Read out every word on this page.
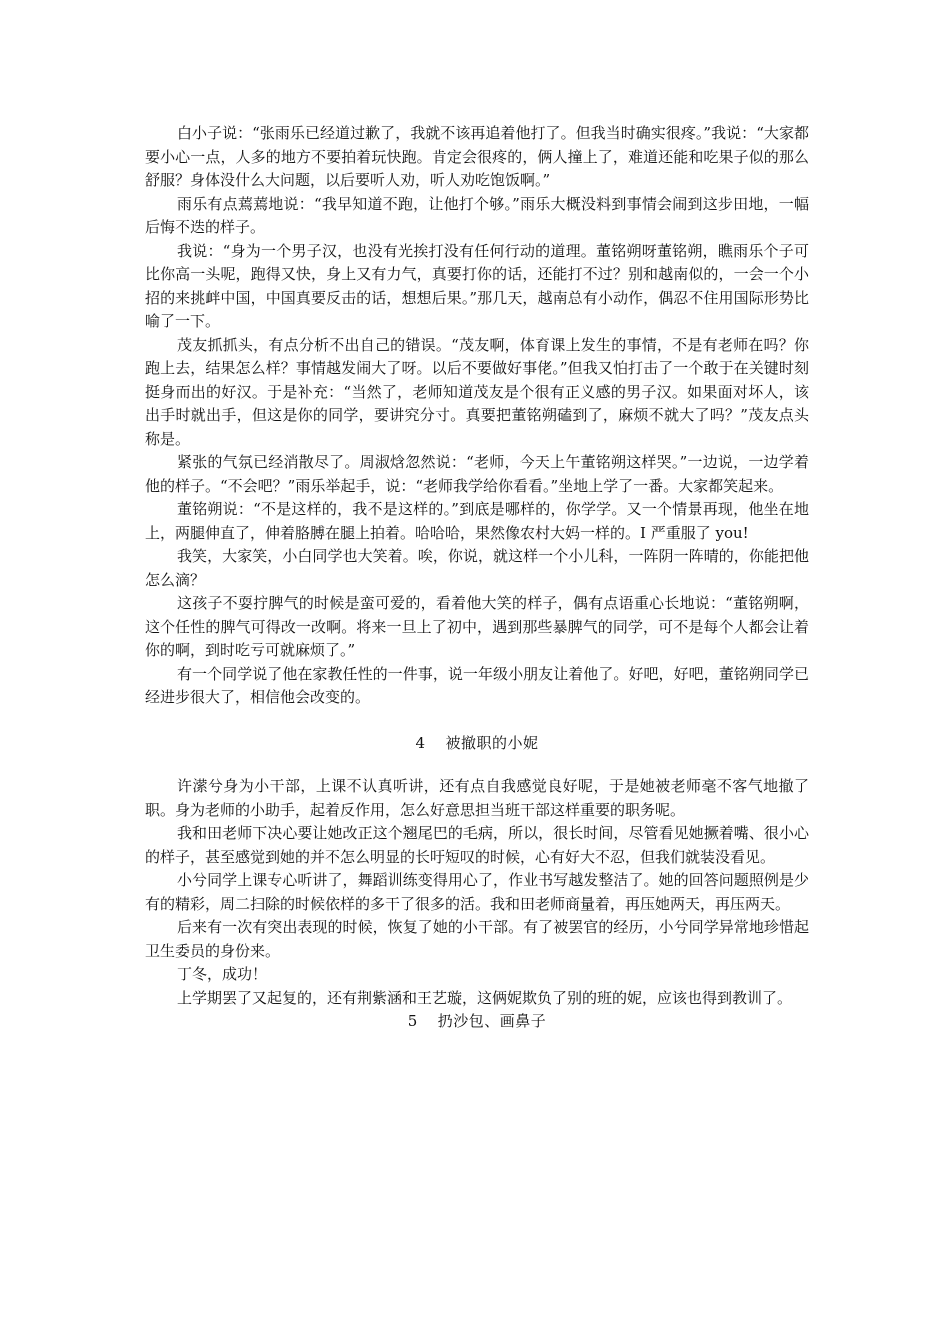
白小子说：“张雨乐已经道过歉了，我就不该再追着他打了。但我当时确实很疼。”我说：“大家都要小心一点，人多的地方不要拍着玩快跑。肯定会很疼的，俩人撞上了，难道还能和吃果子似的那么舒服？身体没什么大问题，以后要听人劝，听人劝吃饱饭啊。”

雨乐有点蔫蔫地说：“我早知道不跑，让他打个够。”雨乐大概没料到事情会闹到这步田地，一幅后悔不迭的样子。

我说：“身为一个男子汉，也没有光挨打没有任何行动的道理。董铭朔呀董铭朔，瞧雨乐个子可比你高一头呢，跑得又快，身上又有力气，真要打你的话，还能打不过？别和越南似的，一会一个小招的来挑衅中国，中国真要反击的话，想想后果。”那几天，越南总有小动作，偶忍不住用国际形势比喻了一下。

茂友抓抓头，有点分析不出自己的错误。“茂友啊，体育课上发生的事情，不是有老师在吗？你跑上去，结果怎么样？事情越发闹大了呀。以后不要做好事佬。”但我又怕打击了一个敢于在关键时刻挺身而出的好汉。于是补充：“当然了，老师知道茂友是个很有正义感的男子汉。如果面对坏人，该出手时就出手，但这是你的同学，要讲究分寸。真要把董铭朔磕到了，麻烦不就大了吗？”茂友点头称是。

紧张的气氛已经消散尽了。周淑焓忽然说：“老师，今天上午董铭朔这样哭。”一边说，一边学着他的样子。“不会吧？”雨乐举起手，说：“老师我学给你看看。”坐地上学了一番。大家都笑起来。

董铭朔说：“不是这样的，我不是这样的。”到底是哪样的，你学学。又一个情景再现，他坐在地上，两腿伸直了，伸着胳膊在腿上拍着。哈哈哈，果然像农村大妈一样的。I 严重服了 you!

我笑，大家笑，小白同学也大笑着。唉，你说，就这样一个小儿科，一阵阴一阵晴的，你能把他怎么滴？

这孩子不耍拧脾气的时候是蛮可爱的，看着他大笑的样子，偶有点语重心长地说：“董铭朔啊，这个任性的脾气可得改一改啊。将来一旦上了初中，遇到那些暴脾气的同学，可不是每个人都会让着你的啊，到时吃亏可就麻烦了。”

有一个同学说了他在家教任性的一件事，说一年级小朋友让着他了。好吧，好吧，董铭朔同学已经进步很大了，相信他会改变的。

4 被撤职的小妮

许潆兮身为小干部，上课不认真听讲，还有点自我感觉良好呢，于是她被老师毫不客气地撤了职。身为老师的小助手，起着反作用，怎么好意思担当班干部这样重要的职务呢。

我和田老师下决心要让她改正这个翘尾巴的毛病，所以，很长时间，尽管看见她撅着嘴、很小心的样子，甚至感觉到她的并不怎么明显的长吁短叹的时候，心有好大不忍，但我们就装没看见。

小兮同学上课专心听讲了，舞蹈训练变得用心了，作业书写越发整洁了。她的回答问题照例是少有的精彩，周二扫除的时候依样的多干了很多的活。我和田老师商量着，再压她两天，再压两天。

后来有一次有突出表现的时候，恢复了她的小干部。有了被罢官的经历，小兮同学异常地珍惜起卫生委员的身份来。

丁冬，成功！

上学期罢了又起复的，还有荆紫涵和王艺璇，这俩妮欺负了别的班的妮，应该也得到教训了。

5 扔沙包、画鼻子
